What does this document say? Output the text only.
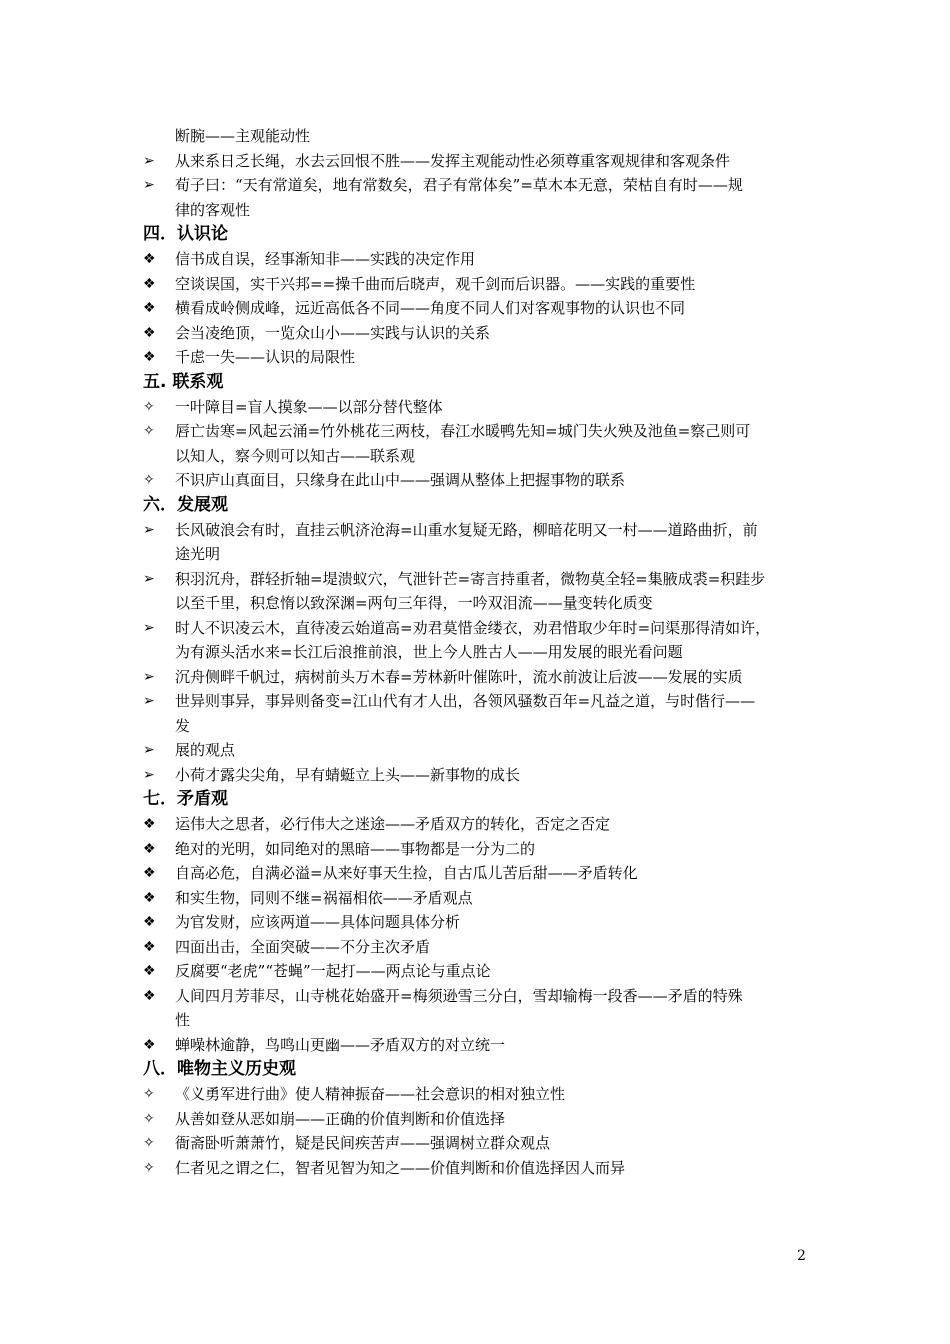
断腕——主观能动性
➢	从来系日乏长绳，水去云回恨不胜——发挥主观能动性必须尊重客观规律和客观条件
➢	荀子曰：“天有常道矣，地有常数矣，君子有常体矣”=草木本无意，荣枯自有时——规
律的客观性
四．认识论
❖	信书成自误，经事渐知非——实践的决定作用
❖	空谈误国，实干兴邦==操千曲而后晓声，观千剑而后识器。——实践的重要性
❖	横看成岭侧成峰，远近高低各不同——角度不同人们对客观事物的认识也不同
❖	会当凌绝顶，一览众山小——实践与认识的关系
❖	千虑一失——认识的局限性
五. 联系观
✧	一叶障目=盲人摸象——以部分替代整体
✧	唇亡齿寒=风起云涌=竹外桃花三两枝，春江水暖鸭先知=城门失火殃及池鱼=察己则可
以知人，察今则可以知古——联系观
✧	不识庐山真面目，只缘身在此山中——强调从整体上把握事物的联系
六．发展观
➢	长风破浪会有时，直挂云帆济沧海=山重水复疑无路，柳暗花明又一村——道路曲折，前
途光明
➢	积羽沉舟，群轻折轴=堤溃蚁穴，气泄针芒=寄言持重者，微物莫全轻=集腋成裘=积跬步
以至千里，积怠惰以致深渊=两句三年得，一吟双泪流——量变转化质变
➢	时人不识凌云木，直待凌云始道高=劝君莫惜金缕衣，劝君惜取少年时=问渠那得清如许，
为有源头活水来=长江后浪推前浪，世上今人胜古人——用发展的眼光看问题
➢	沉舟侧畔千帆过，病树前头万木春=芳林新叶催陈叶，流水前波让后波——发展的实质
➢	世异则事异，事异则备变=江山代有才人出，各领风骚数百年=凡益之道，与时偕行——
发
➢	展的观点
➢	小荷才露尖尖角，早有蜻蜓立上头——新事物的成长
七．矛盾观
❖	运伟大之思者，必行伟大之迷途——矛盾双方的转化，否定之否定
❖	绝对的光明，如同绝对的黑暗——事物都是一分为二的
❖	自高必危，自满必溢=从来好事天生捡，自古瓜儿苦后甜——矛盾转化
❖	和实生物，同则不继=祸福相依——矛盾观点
❖	为官发财，应该两道——具体问题具体分析
❖	四面出击，全面突破——不分主次矛盾
❖	反腐要“老虎”“苍蝇”一起打——两点论与重点论
❖	人间四月芳菲尽，山寺桃花始盛开=梅须逊雪三分白，雪却输梅一段香——矛盾的特殊
性
❖	蝉噪林逾静，鸟鸣山更幽——矛盾双方的对立统一
八．唯物主义历史观
✧	《义勇军进行曲》使人精神振奋——社会意识的相对独立性
✧	从善如登从恶如崩——正确的价值判断和价值选择
✧	衙斋卧听萧萧竹，疑是民间疾苦声——强调树立群众观点
✧	仁者见之谓之仁，智者见智为知之——价值判断和价值选择因人而异
2
